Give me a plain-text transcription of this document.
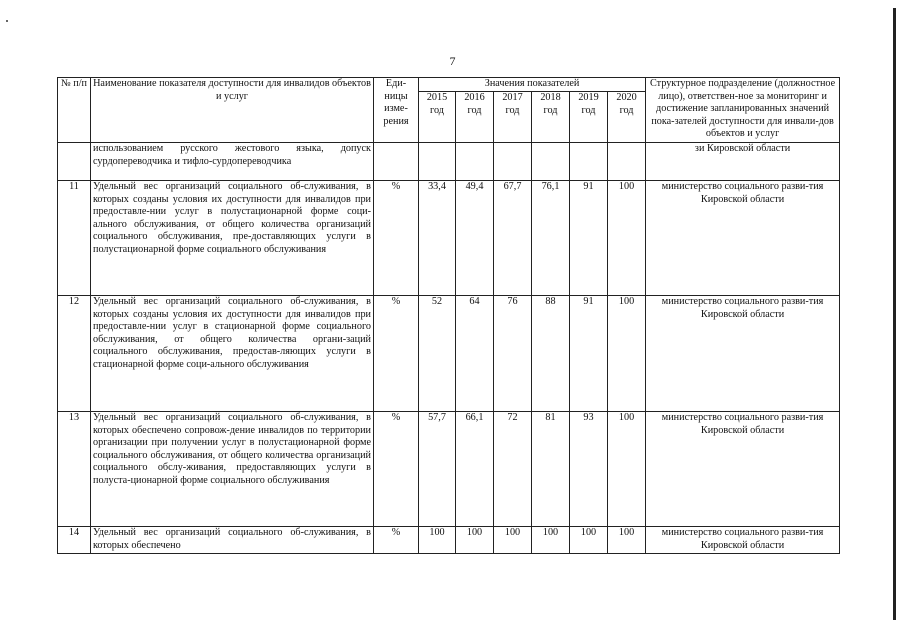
7
№ п/п	Наименование показателя доступности для инвалидов объектов и услуг	Еди-ницы изме-рения	Значения показателей						Структурное подразделение (должностное лицо), ответствен-ное за мониторинг и достижение запланированных значений пока-зателей доступности для инвали-дов объектов и услуг
			2015 год	2016 год	2017 год	2018 год	2019 год	2020 год	
	использованием русского жестового языка, допуск сурдопереводчика и тифло-сурдопереводчика								зи Кировской области
11	Удельный вес организаций социального об-служивания, в которых созданы условия их доступности для инвалидов при предоставле-нии услуг в полустационарной форме соци-ального обслуживания, от общего количества организаций социального обслуживания, пре-доставляющих услуги в полустационарной форме социального обслуживания	%	33,4	49,4	67,7	76,1	91	100	министерство социального разви-тия Кировской области
12	Удельный вес организаций социального об-служивания, в которых созданы условия их доступности для инвалидов при предоставле-нии услуг в стационарной форме социального обслуживания, от общего количества органи-заций социального обслуживания, предостав-ляющих услуги в стационарной форме соци-ального обслуживания	%	52	64	76	88	91	100	министерство социального разви-тия Кировской области
13	Удельный вес организаций социального об-служивания, в которых обеспечено сопровож-дение инвалидов по территории организации при получении услуг в полустационарной форме социального обслуживания, от общего количества организаций социального обслу-живания, предоставляющих услуги в полуста-ционарной форме социального обслуживания	%	57,7	66,1	72	81	93	100	министерство социального разви-тия Кировской области
14	Удельный вес организаций социального об-служивания, в которых обеспечено	%	100	100	100	100	100	100	министерство социального разви-тия Кировской области
